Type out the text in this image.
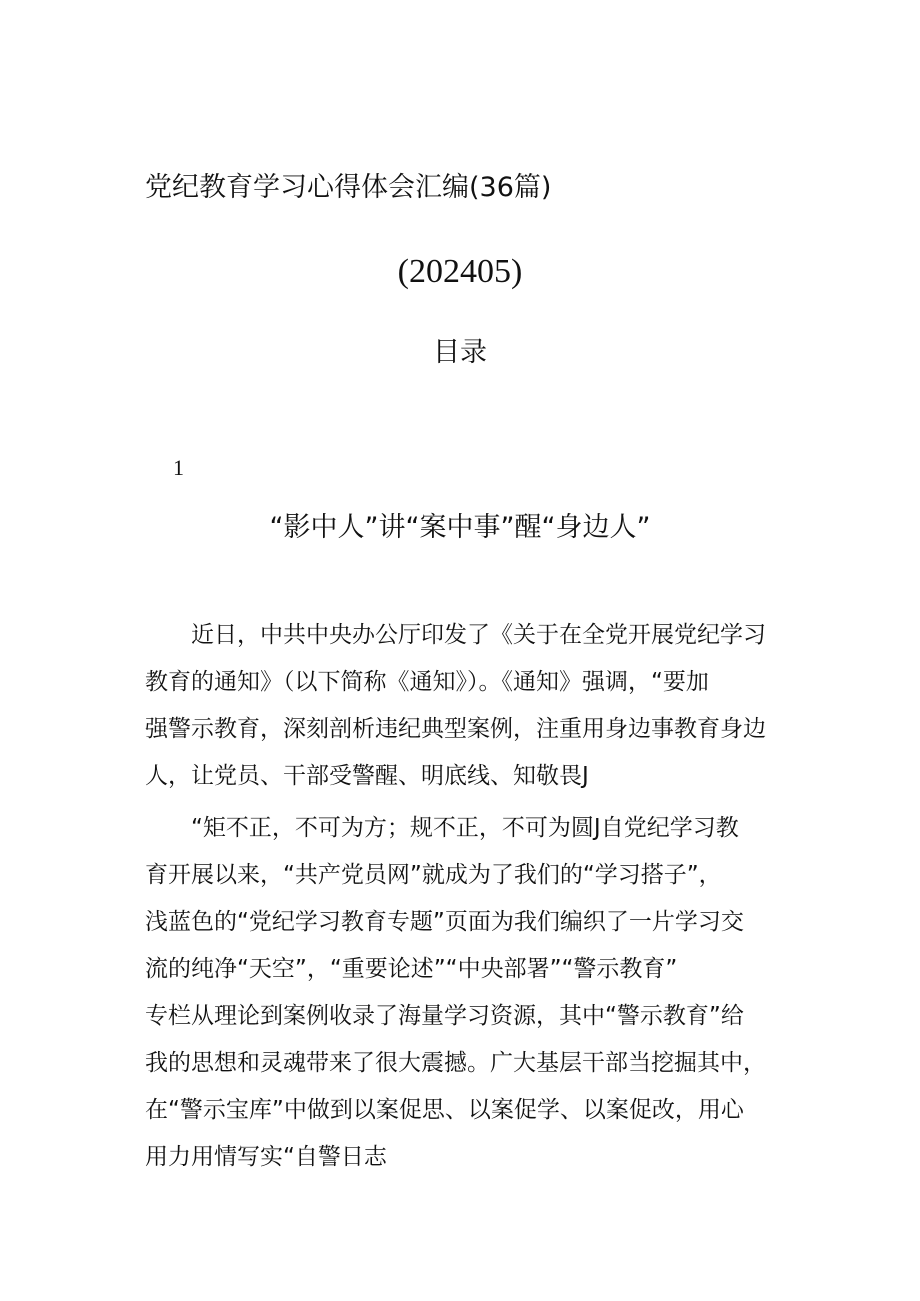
党纪教育学习心得体会汇编(36篇)
(202405)
目录
1
“影中人”讲“案中事”醒“身边人”
　　近日，中共中央办公厅印发了《关于在全党开展党纪学习
教育的通知》（以下简称《通知》）。《通知》强调，“要加
强警示教育，深刻剖析违纪典型案例，注重用身边事教育身边
人，让党员、干部受警醒、明底线、知敬畏J
　　“矩不正，不可为方；规不正，不可为圆J自党纪学习教
育开展以来，“共产党员网”就成为了我们的“学习搭子”，
浅蓝色的“党纪学习教育专题”页面为我们编织了一片学习交
流的纯净“天空”，“重要论述”“中央部署”“警示教育”
专栏从理论到案例收录了海量学习资源，其中“警示教育”给
我的思想和灵魂带来了很大震撼。广大基层干部当挖掘其中，
在“警示宝库”中做到以案促思、以案促学、以案促改，用心
用力用情写实“自警日志
